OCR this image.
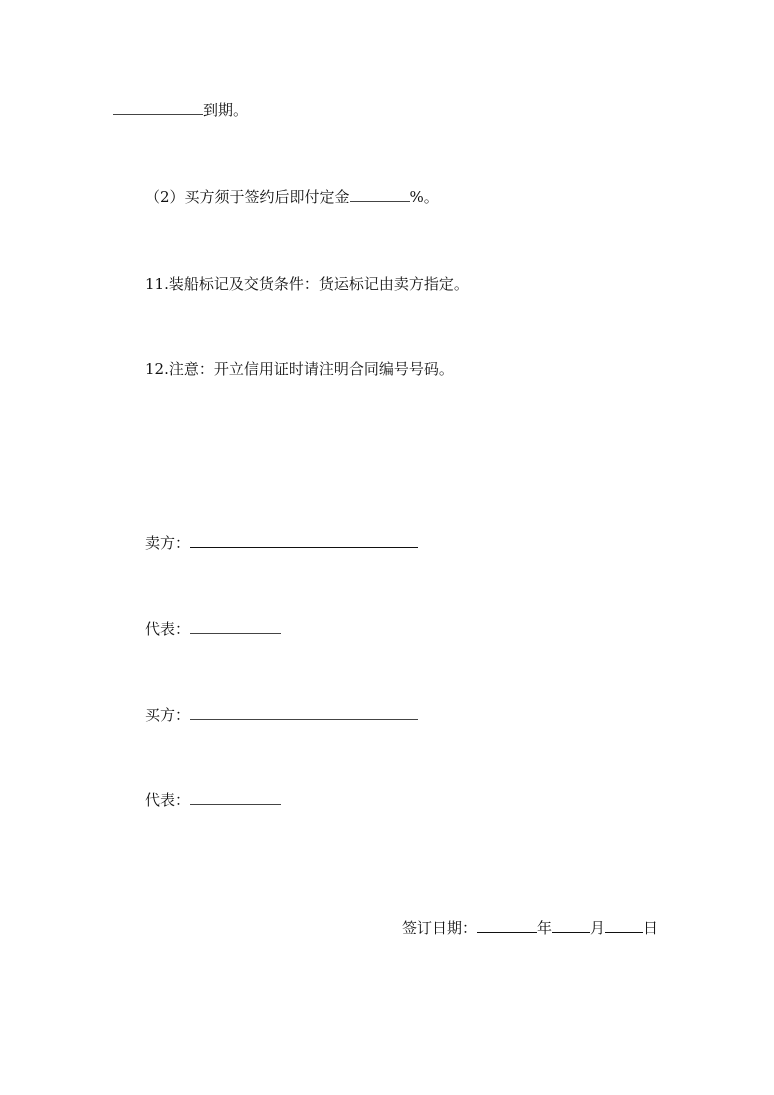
到期。
（2）买方须于签约后即付定金	%。
11.装船标记及交货条件：货运标记由卖方指定。
12.注意：开立信用证时请注明合同编号号码。
卖方：
代表：
买方：
代表：
签订日期：	年	月	日
